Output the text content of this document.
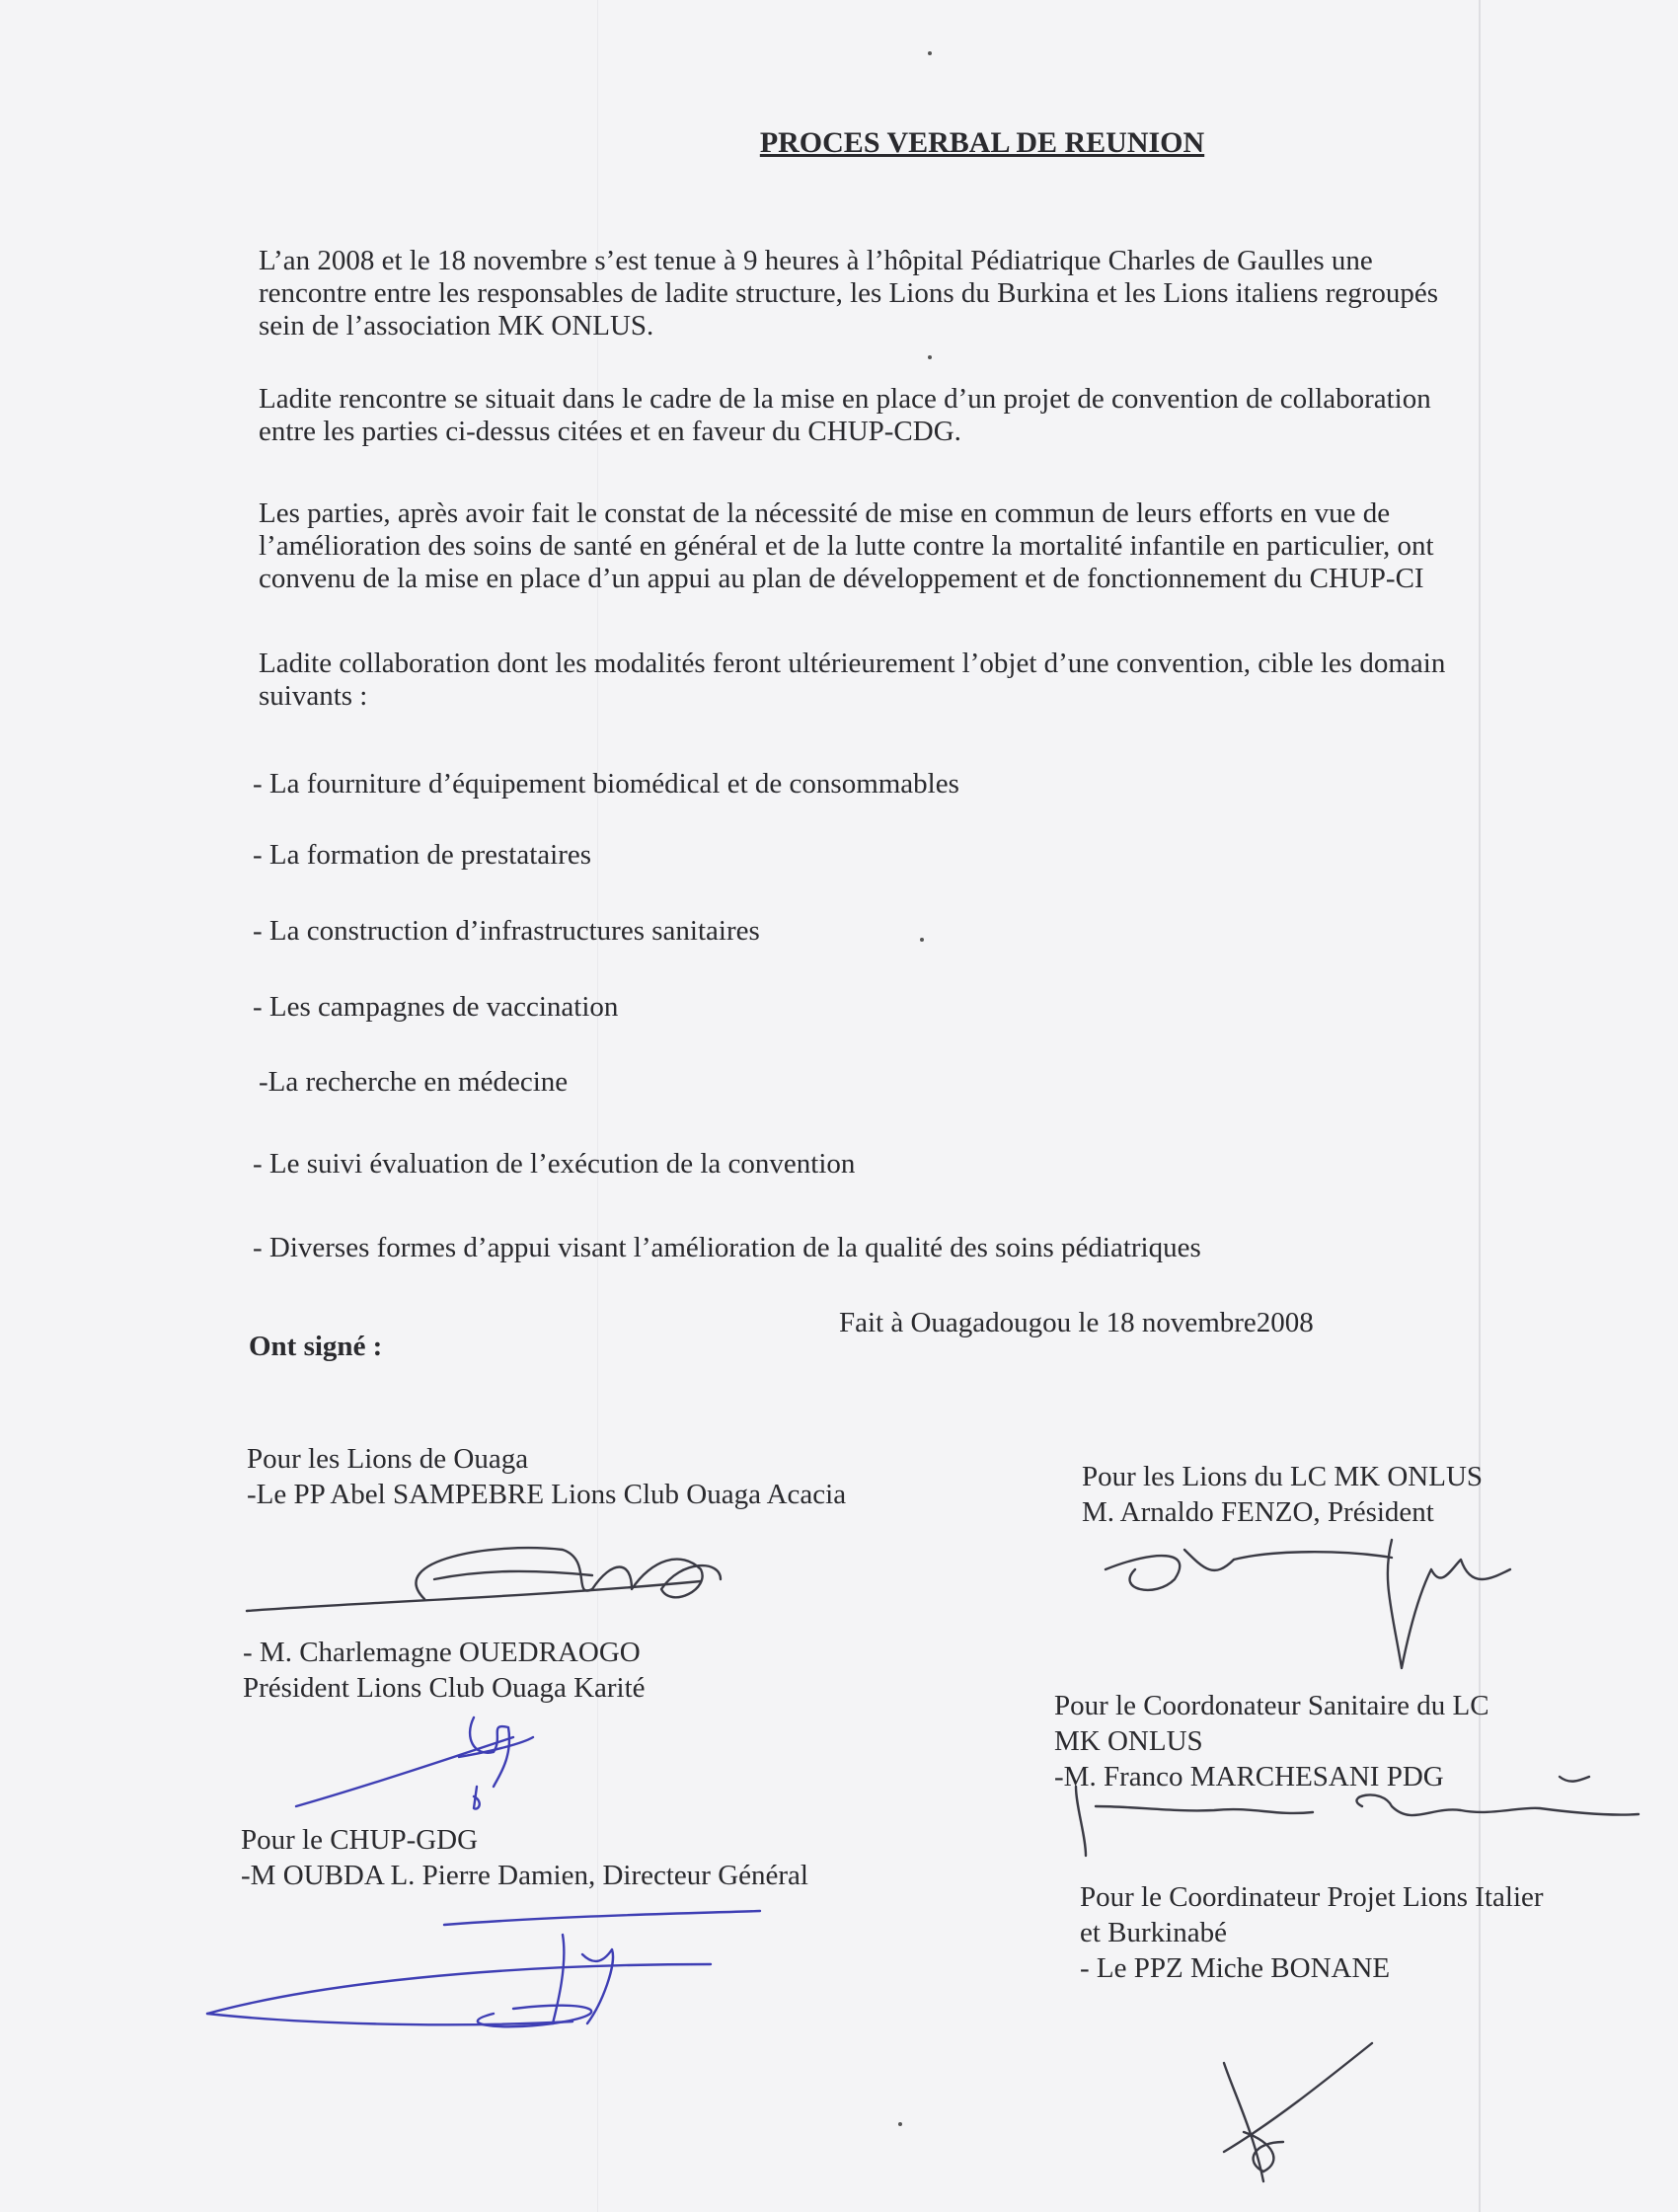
PROCES VERBAL DE REUNION

L’an 2008 et le 18 novembre s’est tenue à 9 heures à l’hôpital Pédiatrique Charles de Gaulles une
rencontre entre les responsables de ladite structure, les Lions du Burkina et les Lions italiens regroupés
sein de l’association MK ONLUS.

Ladite rencontre se situait dans le cadre de la mise en place d’un projet de convention de collaboration
entre les parties ci-dessus citées et en faveur du CHUP-CDG.

Les parties, après avoir fait le constat de la nécessité de mise en commun de leurs efforts en vue de
l’amélioration des soins de santé en général et de la lutte contre la mortalité infantile en particulier, ont
convenu de la mise en place d’un appui au plan de développement et de fonctionnement du CHUP-CI

Ladite collaboration dont les modalités feront ultérieurement l’objet d’une convention, cible les domain
suivants :

- La fourniture d’équipement biomédical et de consommables
- La formation de prestataires
- La construction d’infrastructures sanitaires
- Les campagnes de vaccination
-La recherche en médecine
- Le suivi évaluation de l’exécution de la convention
- Diverses formes d’appui visant l’amélioration de la qualité des soins pédiatriques
Fait à Ouagadougou le 18 novembre2008
Ont signé :
Pour les Lions de Ouaga
-Le PP Abel SAMPEBRE Lions Club Ouaga Acacia
- M. Charlemagne OUEDRAOGO
Président Lions Club Ouaga Karité
Pour le CHUP-GDG
-M OUBDA L. Pierre Damien, Directeur Général
Pour les Lions du LC MK ONLUS
M. Arnaldo FENZO, Président
Pour le Coordonateur Sanitaire du LC
MK ONLUS
-M. Franco MARCHESANI PDG
Pour le Coordinateur Projet Lions Italier
et Burkinabé
- Le PPZ Miche BONANE
